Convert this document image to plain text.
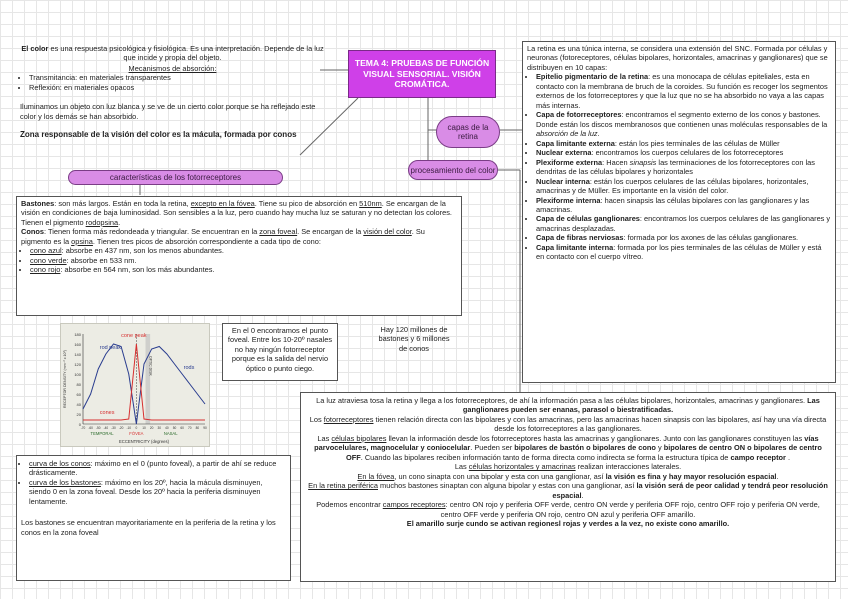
El color es una respuesta psicológica y fisiológica. Es una interpretación. Depende de la luz que incide y propia del objeto.
Mecanismos de absorción:
• Transmitancia: en materiales transparentes
• Reflexión: en materiales opacos
Iluminamos un objeto con luz blanca y se ve de un cierto color porque se ha reflejado este color y los demás se han absorbido.
Zona responsable de la visión del color es la mácula, formada por conos
TEMA 4: PRUEBAS DE FUNCIÓN VISUAL SENSORIAL. VISIÓN CROMÁTICA.
capas de la retina
procesamiento del color
características de los fotorreceptores
Bastones: son más largos. Están en toda la retina, excepto en la fóvea. Tiene su pico de absorción en 510nm. Se encargan de la visión en condiciones de baja luminosidad. Son sensibles a la luz, pero cuando hay mucha luz se saturan y no detectan los colores. Tienen el pigmento rodopsina.
Conos: Tienen forma más redondeada y triangular. Se encuentran en la zona foveal. Se encargan de la visión del color. Su pigmento es la opsina. Tienen tres picos de absorción correspondiente a cada tipo de cono:
• cono azul: absorbe en 437 nm, son los menos abundantes.
• cono verde: absorbe en 533 nm.
• cono rojo: absorbe en 564 nm, son los más abundantes.
0
20
40
60
80
100
120
140
160
180
-70 -60 -50 -40 -30 -20 -10 0 10 20 30 40 50 60 70 80 90
cone peak
rod peak
rods
cones
OPTIC DISK
TEMPORAL	FÓVEA	NASAL
ECCENTRICITY (degrees)
RECEPTOR DENSITY (mm⁻² x 10³)
En el 0 encontramos el punto foveal. Entre los 10-20º nasales no hay ningún fotorreceptor porque es la salida del nervio óptico o punto ciego.
Hay 120 millones de bastones y 6 millones de conos
• curva de los conos: máximo en el 0 (punto foveal), a partir de ahí se reduce drásticamente.
• curva de los bastones: máximo en los 20º, hacia la mácula disminuyen, siendo 0 en la zona foveal. Desde los 20º hacia la periferia disminuyen lentamente.
Los bastones se encuentran mayoritariamente en la periferia de la retina y los conos en la zona foveal
La retina es una túnica interna, se considera una extensión del SNC. Formada por células y neuronas (fotoreceptores, células bipolares, horizontales, amacrinas y ganglionares) que se distribuyen en 10 capas:
• Epitelio pigmentario de la retina: es una monocapa de células epiteliales, esta en contacto con la membrana de bruch de la coroides. Su función es recoger los segmentos externos de los fotorreceptores y que la luz que no se ha absorbido no vaya a las capas más internas.
• Capa de fotorreceptores: encontramos el segmento externo de los conos y bastones. Donde están los discos membranosos que contienen unas moléculas responsables de la absorción de la luz.
• Capa limitante externa: están los pies terminales de las células de Müller
• Nuclear externa: encontramos los cuerpos celulares de los fotorreceptores
• Plexiforme externa: Hacen sinapsis las terminaciones de los fotorreceptores con las dendritas de las células bipolares y horizontales
• Nuclear interna: están los cuerpos celulares de las células bipolares, horizontales, amacrinas y de Müller. Es importante en la visión del color.
• Plexiforme interna: hacen sinapsis las células bipolares con las ganglionares y las amacrinas.
• Capa de células ganglionares: encontramos los cuerpos celulares de las ganglionares y amacrinas desplazadas.
• Capa de fibras nerviosas: formada por los axones de las células ganglionares.
• Capa limitante interna: formada por los pies terminales de las células de Müller y está en contacto con el cuerpo vítreo.
La luz atraviesa tosa la retina y llega a los fotorreceptores, de ahí la información pasa a las células bipolares, horizontales, amacrinas y ganglionares. Las ganglionares pueden ser enanas, parasol o biestratificadas.
Los fotorreceptores tienen relación directa con las bipolares y con las amacrinas, pero las amacrinas hacen sinapsis con las bipolares, así hay una vía directa desde los fotorreceptores a las ganglionares.
Las células bipolares llevan la información desde los fotorreceptores hasta las amacrinas y ganglionares. Junto con las ganglionares constituyen las vías parvocelulares, magnocelular y coniocelular. Pueden ser bipolares de bastón o bipolares de cono y bipolares de centro ON o bipolares de centro OFF. Cuando las bipolares reciben información tanto de forma directa como indirecta se forma la estructura típica de campo receptor .
Las células horizontales y amacrinas realizan interacciones laterales.
En la fóvea, un cono sinapta con una bipolar y esta con una ganglionar, así la visión es fina y hay mayor resolución espacial.
En la retina periférica muchos bastones sinaptan con alguna bipolar y estas con una ganglionar, así la visión será de peor calidad y tendrá peor resolución espacial.
Podemos encontrar campos receptores: centro ON rojo y periferia OFF verde, centro ON verde y periferia OFF rojo, centro OFF rojo y periferia ON verde, centro OFF verde y periferia ON rojo, centro ON azul y periferia OFF amarillo.
El amarillo surje cundo se activan regionesl rojas y verdes a la vez, no existe cono amarillo.
